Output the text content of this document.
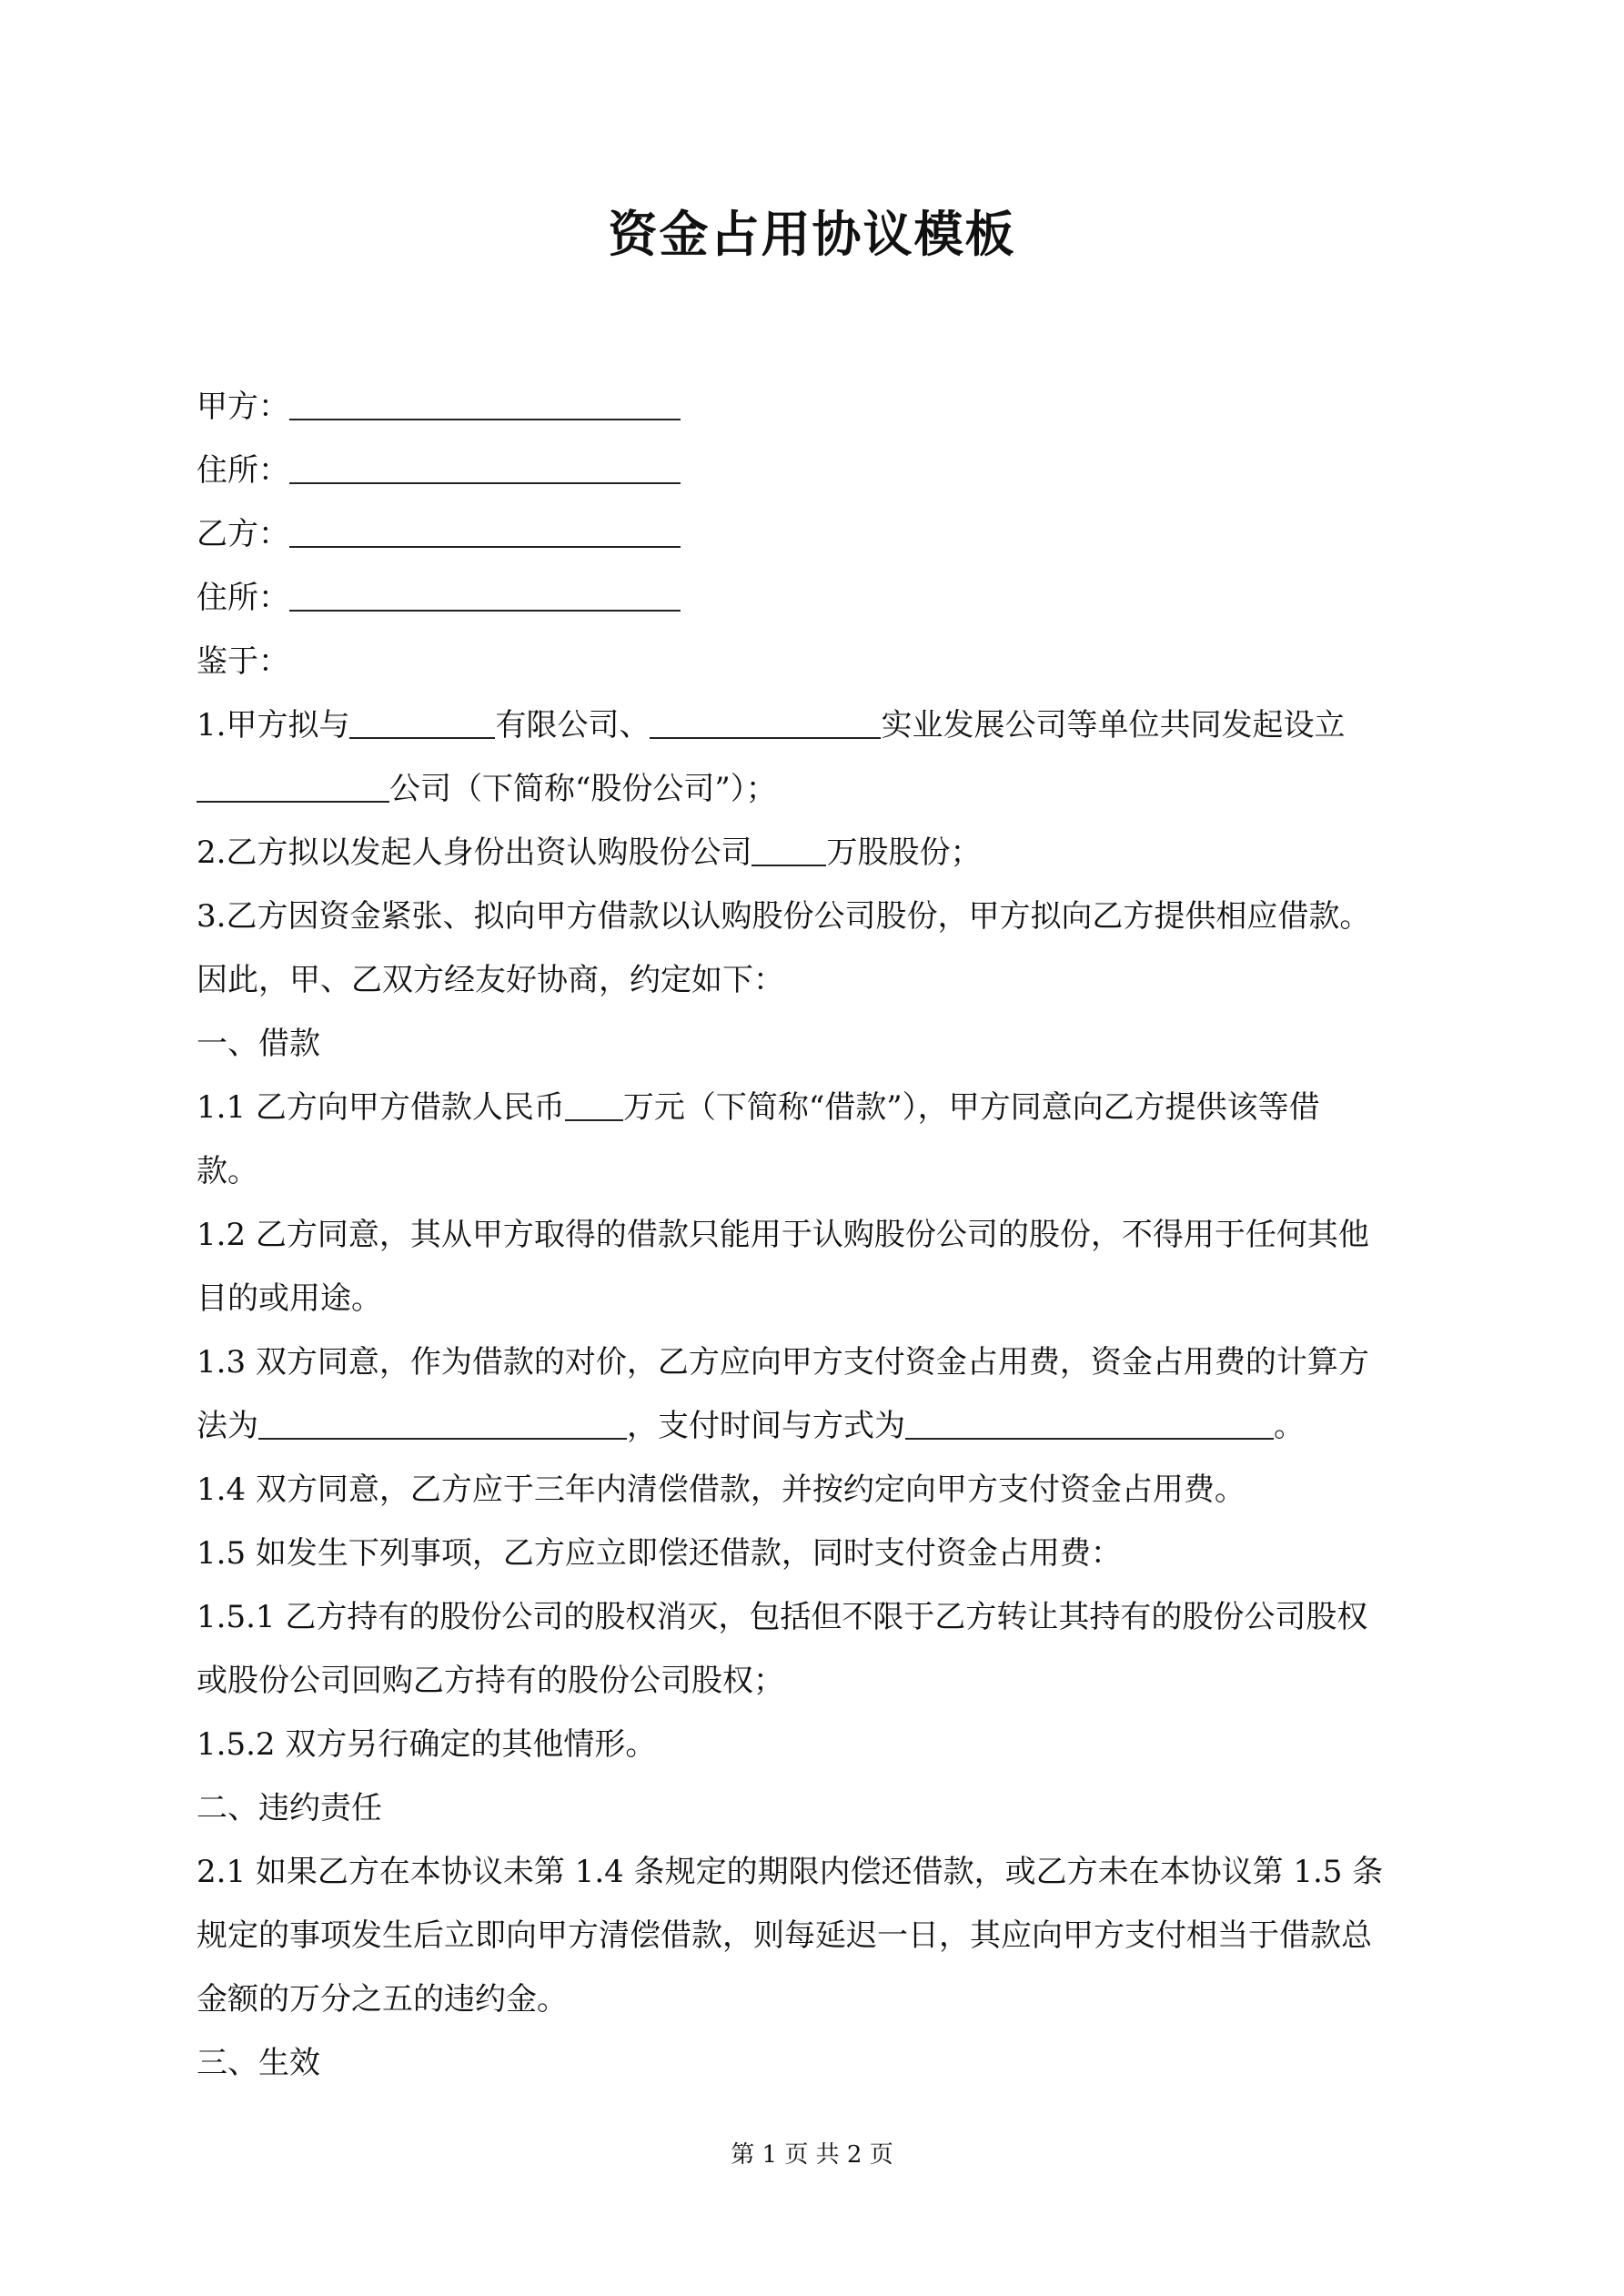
资金占用协议模板
甲方：
住所：
乙方：
住所：
鉴于：
1.甲方拟与	有限公司、	实业发展公司等单位共同发起设立
公司（下简称“股份公司”）；
2.乙方拟以发起人身份出资认购股份公司 万股股份；
3.乙方因资金紧张、拟向甲方借款以认购股份公司股份，甲方拟向乙方提供相应借款。
因此，甲、乙双方经友好协商，约定如下：
一、借款
1.1 乙方向甲方借款人民币 万元（下简称“借款”），甲方同意向乙方提供该等借
款。
1.2 乙方同意，其从甲方取得的借款只能用于认购股份公司的股份，不得用于任何其他
目的或用途。
1.3 双方同意，作为借款的对价，乙方应向甲方支付资金占用费，资金占用费的计算方
法为	，支付时间与方式为	。
1.4 双方同意，乙方应于三年内清偿借款，并按约定向甲方支付资金占用费。
1.5 如发生下列事项，乙方应立即偿还借款，同时支付资金占用费：
1.5.1 乙方持有的股份公司的股权消灭，包括但不限于乙方转让其持有的股份公司股权
或股份公司回购乙方持有的股份公司股权；
1.5.2 双方另行确定的其他情形。
二、违约责任
2.1 如果乙方在本协议未第 1.4 条规定的期限内偿还借款，或乙方未在本协议第 1.5 条
规定的事项发生后立即向甲方清偿借款，则每延迟一日，其应向甲方支付相当于借款总
金额的万分之五的违约金。
三、生效
第 1 页 共 2 页
